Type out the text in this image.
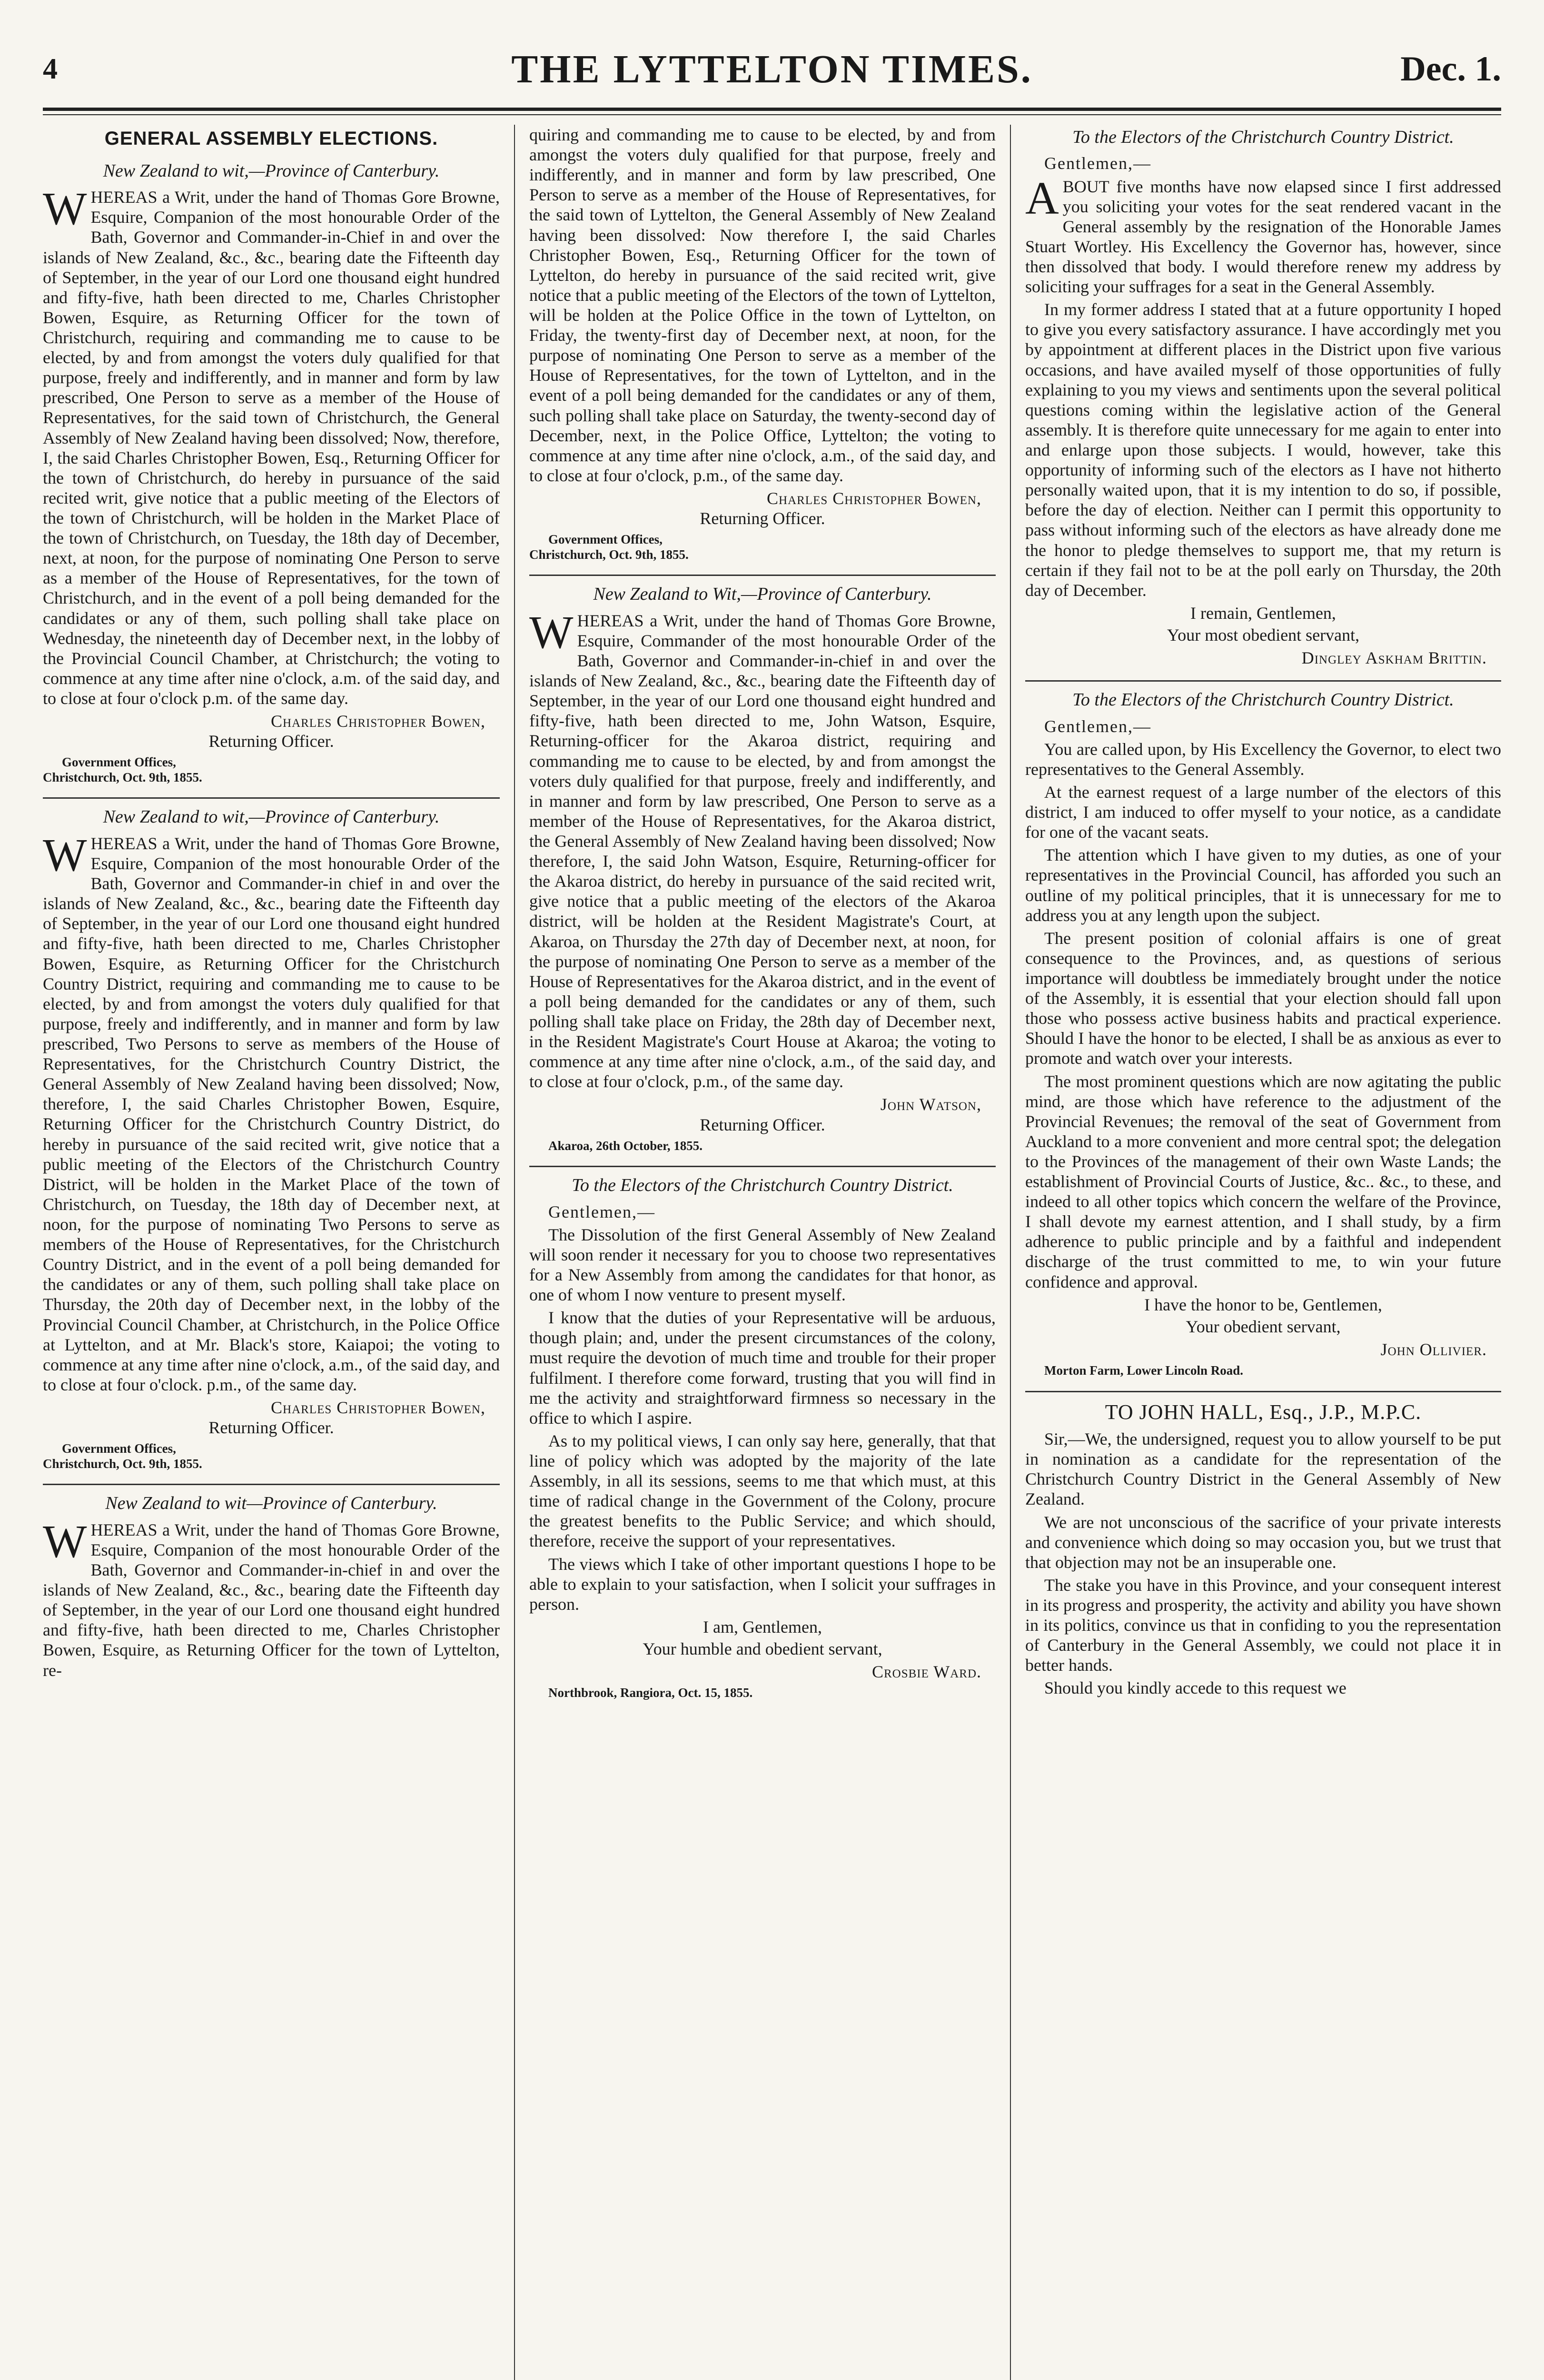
4	THE LYTTELTON TIMES.	Dec. 1.
GENERAL ASSEMBLY ELECTIONS.
New Zealand to wit,—Province of Canterbury.

WHEREAS a Writ, under the hand of Thomas Gore Browne, Esquire, Companion of the most honourable Order of the Bath, Governor and Commander-in-Chief in and over the islands of New Zealand, &c., &c., bearing date the Fifteenth day of September, in the year of our Lord one thousand eight hundred and fifty-five, hath been directed to me, Charles Christopher Bowen, Esquire, as Returning Officer for the town of Christchurch, requiring and commanding me to cause to be elected, by and from amongst the voters duly qualified for that purpose, freely and indifferently, and in manner and form by law prescribed, One Person to serve as a member of the House of Representatives, for the said town of Christchurch, the General Assembly of New Zealand having been dissolved; Now, therefore, I, the said Charles Christopher Bowen, Esq., Returning Officer for the town of Christchurch, do hereby in pursuance of the said recited writ, give notice that a public meeting of the Electors of the town of Christchurch, will be holden in the Market Place of the town of Christchurch, on Tuesday, the 18th day of December, next, at noon, for the purpose of nominating One Person to serve as a member of the House of Representatives, for the town of Christchurch, and in the event of a poll being demanded for the candidates or any of them, such polling shall take place on Wednesday, the nineteenth day of December next, in the lobby of the Provincial Council Chamber, at Christchurch; the voting to commence at any time after nine o'clock, a.m. of the said day, and to close at four o'clock p.m. of the same day.

Charles Christopher Bowen,
Returning Officer.
Government Offices,
Christchurch, Oct. 9th, 1855.
New Zealand to wit,—Province of Canterbury.

WHEREAS a Writ, under the hand of Thomas Gore Browne, Esquire, Companion of the most honourable Order of the Bath, Governor and Commander-in chief in and over the islands of New Zealand, &c., &c., bearing date the Fifteenth day of September, in the year of our Lord one thousand eight hundred and fifty-five, hath been directed to me, Charles Christopher Bowen, Esquire, as Returning Officer for the Christchurch Country District, requiring and commanding me to cause to be elected, by and from amongst the voters duly qualified for that purpose, freely and indifferently, and in manner and form by law prescribed, Two Persons to serve as members of the House of Representatives, for the Christchurch Country District, the General Assembly of New Zealand having been dissolved; Now, therefore, I, the said Charles Christopher Bowen, Esquire, Returning Officer for the Christchurch Country District, do hereby in pursuance of the said recited writ, give notice that a public meeting of the Electors of the Christchurch Country District, will be holden in the Market Place of the town of Christchurch, on Tuesday, the 18th day of December next, at noon, for the purpose of nominating Two Persons to serve as members of the House of Representatives, for the Christchurch Country District, and in the event of a poll being demanded for the candidates or any of them, such polling shall take place on Thursday, the 20th day of December next, in the lobby of the Provincial Council Chamber, at Christchurch, in the Police Office at Lyttelton, and at Mr. Black's store, Kaiapoi; the voting to commence at any time after nine o'clock, a.m., of the said day, and to close at four o'clock. p.m., of the same day.

Charles Christopher Bowen,
Returning Officer.
Government Offices,
Christchurch, Oct. 9th, 1855.
New Zealand to wit—Province of Canterbury.

WHEREAS a Writ, under the hand of Thomas Gore Browne, Esquire, Companion of the most honourable Order of the Bath, Governor and Commander-in-chief in and over the islands of New Zealand, &c., &c., bearing date the Fifteenth day of September, in the year of our Lord one thousand eight hundred and fifty-five, hath been directed to me, Charles Christopher Bowen, Esquire, as Returning Officer for the town of Lyttelton, re-

quiring and commanding me to cause to be elected, by and from amongst the voters duly qualified for that purpose, freely and indifferently, and in manner and form by law prescribed, One Person to serve as a member of the House of Representatives, for the said town of Lyttelton, the General Assembly of New Zealand having been dissolved: Now therefore I, the said Charles Christopher Bowen, Esq., Returning Officer for the town of Lyttelton, do hereby in pursuance of the said recited writ, give notice that a public meeting of the Electors of the town of Lyttelton, will be holden at the Police Office in the town of Lyttelton, on Friday, the twenty-first day of December next, at noon, for the purpose of nominating One Person to serve as a member of the House of Representatives, for the town of Lyttelton, and in the event of a poll being demanded for the candidates or any of them, such polling shall take place on Saturday, the twenty-second day of December, next, in the Police Office, Lyttelton; the voting to commence at any time after nine o'clock, a.m., of the said day, and to close at four o'clock, p.m., of the same day.

Charles Christopher Bowen,
Returning Officer.
Government Offices,
Christchurch, Oct. 9th, 1855.
New Zealand to Wit,—Province of Canterbury.

WHEREAS a Writ, under the hand of Thomas Gore Browne, Esquire, Commander of the most honourable Order of the Bath, Governor and Commander-in-chief in and over the islands of New Zealand, &c., &c., bearing date the Fifteenth day of September, in the year of our Lord one thousand eight hundred and fifty-five, hath been directed to me, John Watson, Esquire, Returning-officer for the Akaroa district, requiring and commanding me to cause to be elected, by and from amongst the voters duly qualified for that purpose, freely and indifferently, and in manner and form by law prescribed, One Person to serve as a member of the House of Representatives, for the Akaroa district, the General Assembly of New Zealand having been dissolved; Now therefore, I, the said John Watson, Esquire, Returning-officer for the Akaroa district, do hereby in pursuance of the said recited writ, give notice that a public meeting of the electors of the Akaroa district, will be holden at the Resident Magistrate's Court, at Akaroa, on Thursday the 27th day of December next, at noon, for the purpose of nominating One Person to serve as a member of the House of Representatives for the Akaroa district, and in the event of a poll being demanded for the candidates or any of them, such polling shall take place on Friday, the 28th day of December next, in the Resident Magistrate's Court House at Akaroa; the voting to commence at any time after nine o'clock, a.m., of the said day, and to close at four o'clock, p.m., of the same day.

John Watson,
Returning Officer.
Akaroa, 26th October, 1855.
To the Electors of the Christchurch Country District.
Gentlemen,—

The Dissolution of the first General Assembly of New Zealand will soon render it necessary for you to choose two representatives for a New Assembly from among the candidates for that honor, as one of whom I now venture to present myself.

I know that the duties of your Representative will be arduous, though plain; and, under the present circumstances of the colony, must require the devotion of much time and trouble for their proper fulfilment. I therefore come forward, trusting that you will find in me the activity and straightforward firmness so necessary in the office to which I aspire.

As to my political views, I can only say here, generally, that that line of policy which was adopted by the majority of the late Assembly, in all its sessions, seems to me that which must, at this time of radical change in the Government of the Colony, procure the greatest benefits to the Public Service; and which should, therefore, receive the support of your representatives.

The views which I take of other important questions I hope to be able to explain to your satisfaction, when I solicit your suffrages in person.

I am, Gentlemen,
Your humble and obedient servant,
Crosbie Ward.
Northbrook, Rangiora, Oct. 15, 1855.
To the Electors of the Christchurch Country District.
Gentlemen,—

ABOUT five months have now elapsed since I first addressed you soliciting your votes for the seat rendered vacant in the General assembly by the resignation of the Honorable James Stuart Wortley. His Excellency the Governor has, however, since then dissolved that body. I would therefore renew my address by soliciting your suffrages for a seat in the General Assembly.

In my former address I stated that at a future opportunity I hoped to give you every satisfactory assurance. I have accordingly met you by appointment at different places in the District upon five various occasions, and have availed myself of those opportunities of fully explaining to you my views and sentiments upon the several political questions coming within the legislative action of the General assembly. It is therefore quite unnecessary for me again to enter into and enlarge upon those subjects. I would, however, take this opportunity of informing such of the electors as I have not hitherto personally waited upon, that it is my intention to do so, if possible, before the day of election. Neither can I permit this opportunity to pass without informing such of the electors as have already done me the honor to pledge themselves to support me, that my return is certain if they fail not to be at the poll early on Thursday, the 20th day of December.

I remain, Gentlemen,
Your most obedient servant,
Dingley Askham Brittin.
To the Electors of the Christchurch Country District.
Gentlemen,—

You are called upon, by His Excellency the Governor, to elect two representatives to the General Assembly.

At the earnest request of a large number of the electors of this district, I am induced to offer myself to your notice, as a candidate for one of the vacant seats.

The attention which I have given to my duties, as one of your representatives in the Provincial Council, has afforded you such an outline of my political principles, that it is unnecessary for me to address you at any length upon the subject.

The present position of colonial affairs is one of great consequence to the Provinces, and, as questions of serious importance will doubtless be immediately brought under the notice of the Assembly, it is essential that your election should fall upon those who possess active business habits and practical experience. Should I have the honor to be elected, I shall be as anxious as ever to promote and watch over your interests.

The most prominent questions which are now agitating the public mind, are those which have reference to the adjustment of the Provincial Revenues; the removal of the seat of Government from Auckland to a more convenient and more central spot; the delegation to the Provinces of the management of their own Waste Lands; the establishment of Provincial Courts of Justice, &c.. &c., to these, and indeed to all other topics which concern the welfare of the Province, I shall devote my earnest attention, and I shall study, by a firm adherence to public principle and by a faithful and independent discharge of the trust committed to me, to win your future confidence and approval.

I have the honor to be, Gentlemen,
Your obedient servant,
John Ollivier.
Morton Farm, Lower Lincoln Road.
TO JOHN HALL, Esq., J.P., M.P.C.

Sir,—We, the undersigned, request you to allow yourself to be put in nomination as a candidate for the representation of the Christchurch Country District in the General Assembly of New Zealand.

We are not unconscious of the sacrifice of your private interests and convenience which doing so may occasion you, but we trust that that objection may not be an insuperable one.

The stake you have in this Province, and your consequent interest in its progress and prosperity, the activity and ability you have shown in its politics, convince us that in confiding to you the representation of Canterbury in the General Assembly, we could not place it in better hands.

Should you kindly accede to this request we
